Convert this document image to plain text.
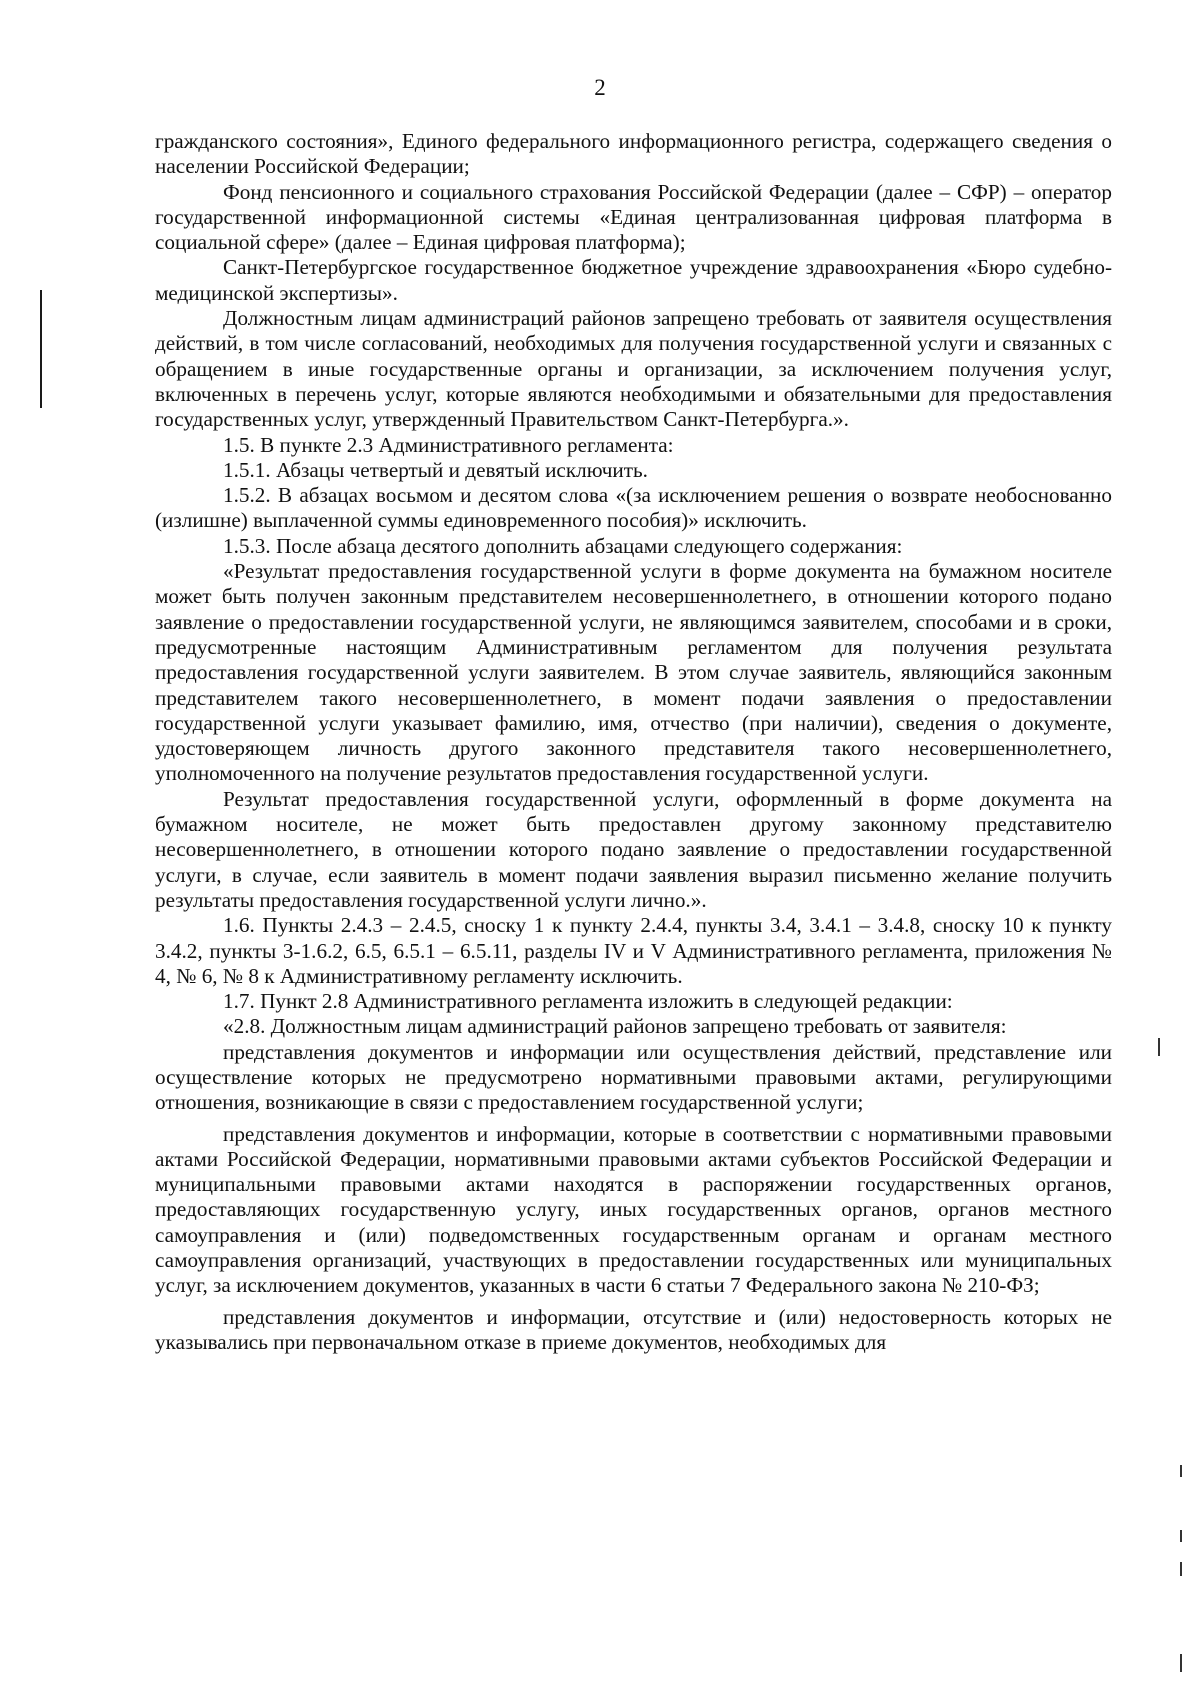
2

гражданского состояния», Единого федерального информационного регистра, содержащего сведения о населении Российской Федерации;

Фонд пенсионного и социального страхования Российской Федерации (далее – СФР) – оператор государственной информационной системы «Единая централизованная цифровая платформа в социальной сфере» (далее – Единая цифровая платформа);

Санкт-Петербургское государственное бюджетное учреждение здравоохранения «Бюро судебно-медицинской экспертизы».

Должностным лицам администраций районов запрещено требовать от заявителя осуществления действий, в том числе согласований, необходимых для получения государственной услуги и связанных с обращением в иные государственные органы и организации, за исключением получения услуг, включенных в перечень услуг, которые являются необходимыми и обязательными для предоставления государственных услуг, утвержденный Правительством Санкт-Петербурга.».

1.5. В пункте 2.3 Административного регламента:

1.5.1. Абзацы четвертый и девятый исключить.

1.5.2. В абзацах восьмом и десятом слова «(за исключением решения о возврате необоснованно (излишне) выплаченной суммы единовременного пособия)» исключить.

1.5.3. После абзаца десятого дополнить абзацами следующего содержания:

«Результат предоставления государственной услуги в форме документа на бумажном носителе может быть получен законным представителем несовершеннолетнего, в отношении которого подано заявление о предоставлении государственной услуги, не являющимся заявителем, способами и в сроки, предусмотренные настоящим Административным регламентом для получения результата предоставления государственной услуги заявителем. В этом случае заявитель, являющийся законным представителем такого несовершеннолетнего, в момент подачи заявления о предоставлении государственной услуги указывает фамилию, имя, отчество (при наличии), сведения о документе, удостоверяющем личность другого законного представителя такого несовершеннолетнего, уполномоченного на получение результатов предоставления государственной услуги.

Результат предоставления государственной услуги, оформленный в форме документа на бумажном носителе, не может быть предоставлен другому законному представителю несовершеннолетнего, в отношении которого подано заявление о предоставлении государственной услуги, в случае, если заявитель в момент подачи заявления выразил письменно желание получить результаты предоставления государственной услуги лично.».

1.6. Пункты 2.4.3 – 2.4.5, сноску 1 к пункту 2.4.4, пункты 3.4, 3.4.1 – 3.4.8, сноску 10 к пункту 3.4.2, пункты 3-1.6.2, 6.5, 6.5.1 – 6.5.11, разделы IV и V Административного регламента, приложения № 4, № 6, № 8 к Административному регламенту исключить.

1.7. Пункт 2.8 Административного регламента изложить в следующей редакции:

«2.8. Должностным лицам администраций районов запрещено требовать от заявителя:

представления документов и информации или осуществления действий, представление или осуществление которых не предусмотрено нормативными правовыми актами, регулирующими отношения, возникающие в связи с предоставлением государственной услуги;

представления документов и информации, которые в соответствии с нормативными правовыми актами Российской Федерации, нормативными правовыми актами субъектов Российской Федерации и муниципальными правовыми актами находятся в распоряжении государственных органов, предоставляющих государственную услугу, иных государственных органов, органов местного самоуправления и (или) подведомственных государственным органам и органам местного самоуправления организаций, участвующих в предоставлении государственных или муниципальных услуг, за исключением документов, указанных в части 6 статьи 7 Федерального закона № 210-ФЗ;

представления документов и информации, отсутствие и (или) недостоверность которых не указывались при первоначальном отказе в приеме документов, необходимых для
